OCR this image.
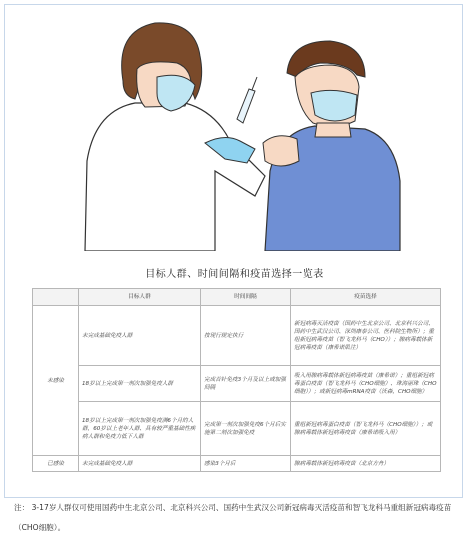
目标人群、时间间隔和疫苗选择一览表
	目标人群	时间间隔	疫苗选择
未感染	未完成基础免疫人群	按现行规定执行	新冠病毒灭活疫苗（国药中生北京公司、北京科兴公司、国药中生武汉公司、深圳康泰公司、医科院生物所）；重组新冠病毒疫苗（智飞龙科马（CHO））；腺病毒载体新冠病毒疫苗（康希诺肌注）
	18岁以上完成第一剂次加强免疫人群	完成首针免疫3个月及以上或加强间隔	吸入用腺病毒载体新冠病毒疫苗（康希诺）；重组新冠病毒蛋白疫苗（智飞龙科马（CHO细胞）、珠海丽珠（CHO细胞））；或新冠病毒mRNA疫苗（沃森，CHO细胞）
	18岁以上完成第一剂次加强免疫满6个月的人群，60岁以上老年人群、具有较严重基础性疾病人群和免疫力低下人群	完成第一剂次加强免疫6个月后实施第二剂次加强免疫	重组新冠病毒蛋白疫苗（智飞龙科马（CHO细胞））；或腺病毒载体新冠病毒疫苗（康希诺吸入用）
已感染	未完成基础免疫人群	感染3个月后	腺病毒载体新冠病毒疫苗（北京方舟）
注： 3-17岁人群仅可使用国药中生北京公司、北京科兴公司、国药中生武汉公司新冠病毒灭活疫苗和智飞龙科马重组新冠病毒疫苗（CHO细胞）。
